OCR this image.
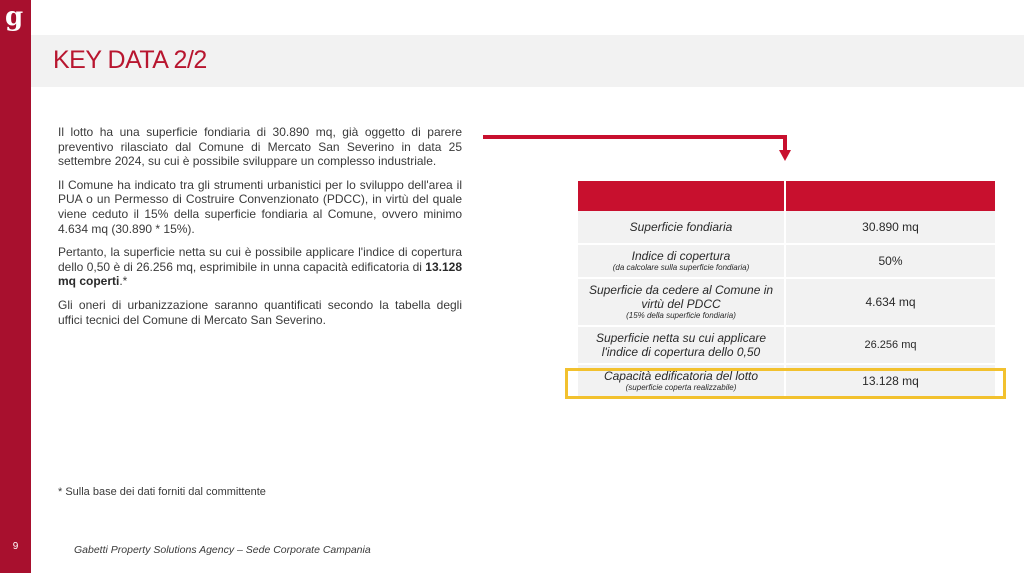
g
9
KEY DATA 2/2

Il lotto ha una superficie fondiaria di 30.890 mq, già oggetto di parere preventivo rilasciato dal Comune di Mercato San Severino in data 25 settembre 2024, su cui è possibile sviluppare un complesso industriale.

Il Comune ha indicato tra gli strumenti urbanistici per lo sviluppo dell'area il PUA o un Permesso di Costruire Convenzionato (PDCC), in virtù del quale viene ceduto il 15% della superficie fondiaria al Comune, ovvero minimo 4.634 mq (30.890 * 15%).

Pertanto, la superficie netta su cui è possibile applicare l'indice di copertura dello 0,50 è di 26.256 mq, esprimibile in unna capacità edificatoria di 13.128 mq coperti.*

Gli oneri di urbanizzazione saranno quantificati secondo la tabella degli uffici tecnici del Comune di Mercato San Severino.

Superficie fondiaria	30.890 mq
Indice di copertura
(da calcolare sulla superficie fondiaria)	50%
Superficie da cedere al Comune in virtù del PDCC
(15% della superficie fondiaria)	4.634 mq
Superficie netta su cui applicare l'indice di copertura dello 0,50	26.256 mq
Capacità edificatoria del lotto
(superficie coperta realizzabile)	13.128 mq
* Sulla base dei dati forniti dal committente
Gabetti Property Solutions Agency – Sede Corporate Campania
